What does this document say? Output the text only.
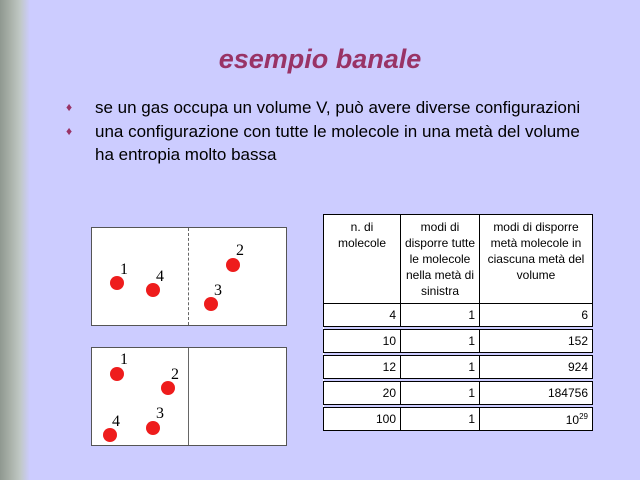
esempio banale
♦ se un gas occupa un volume V, può avere diverse configurazioni
♦ una configurazione con tutte le molecole in una metà del volume ha entropia molto bassa
1 4
2
3
1
2
3
4
n. di molecole	modi di disporre tutte le molecole nella metà di sinistra	modi di disporre metà molecole in ciascuna metà del volume
4	1	6

10	1	152

12	1	924

20	1	184756

100	1	$10^{29}$
